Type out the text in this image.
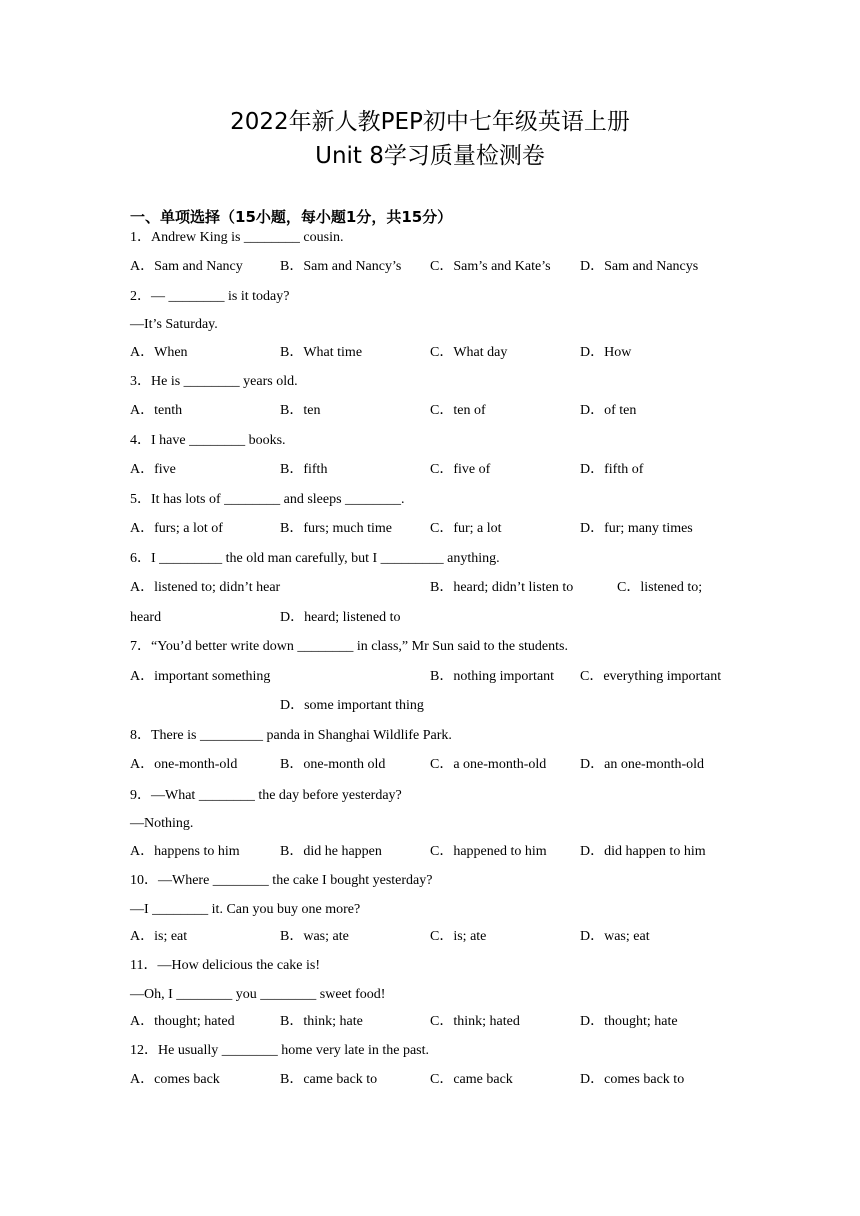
2022年新人教PEP初中七年级英语上册
Unit 8学习质量检测卷
一、单项选择（15小题，每小题1分，共15分）
1．Andrew King is ________ cousin.
A．Sam and Nancy	B．Sam and Nancy’s C．Sam’s and Kate’s D．Sam and Nancys
2．— ________ is it today?
—It’s Saturday.
A．When	B．What time	C．What day	D．How
3．He is ________ years old.
A．tenth	B．ten	C．ten of	D．of ten
4．I have ________ books.
A．five	B．fifth	C．five of	D．fifth of
5．It has lots of ________ and sleeps ________.
A．furs; a lot of	B．furs; much time	C．fur; a lot	D．fur; many times
6．I _________ the old man carefully, but I _________ anything.
A．listened to; didn’t hear	B．heard; didn’t listen to	C．listened to;
heard	D．heard; listened to
7．“You’d better write down ________ in class,” Mr Sun said to the students.
A．important something	B．nothing important C．everything important
D．some important thing
8．There is _________ panda in Shanghai Wildlife Park.
A．one-month-old	B．one-month old	C．a one-month-old D．an one-month-old
9．—What ________ the day before yesterday?
—Nothing.
A．happens to him	B．did he happen	C．happened to him D．did happen to him
10．—Where ________ the cake I bought yesterday?
—I ________ it. Can you buy one more?
A．is; eat	B．was; ate	C．is; ate	D．was; eat
11．—How delicious the cake is!
—Oh, I ________ you ________ sweet food!
A．thought; hated	B．think; hate	C．think; hated	D．thought; hate
12．He usually ________ home very late in the past.
A．comes back	B．came back to	C．came back	D．comes back to
